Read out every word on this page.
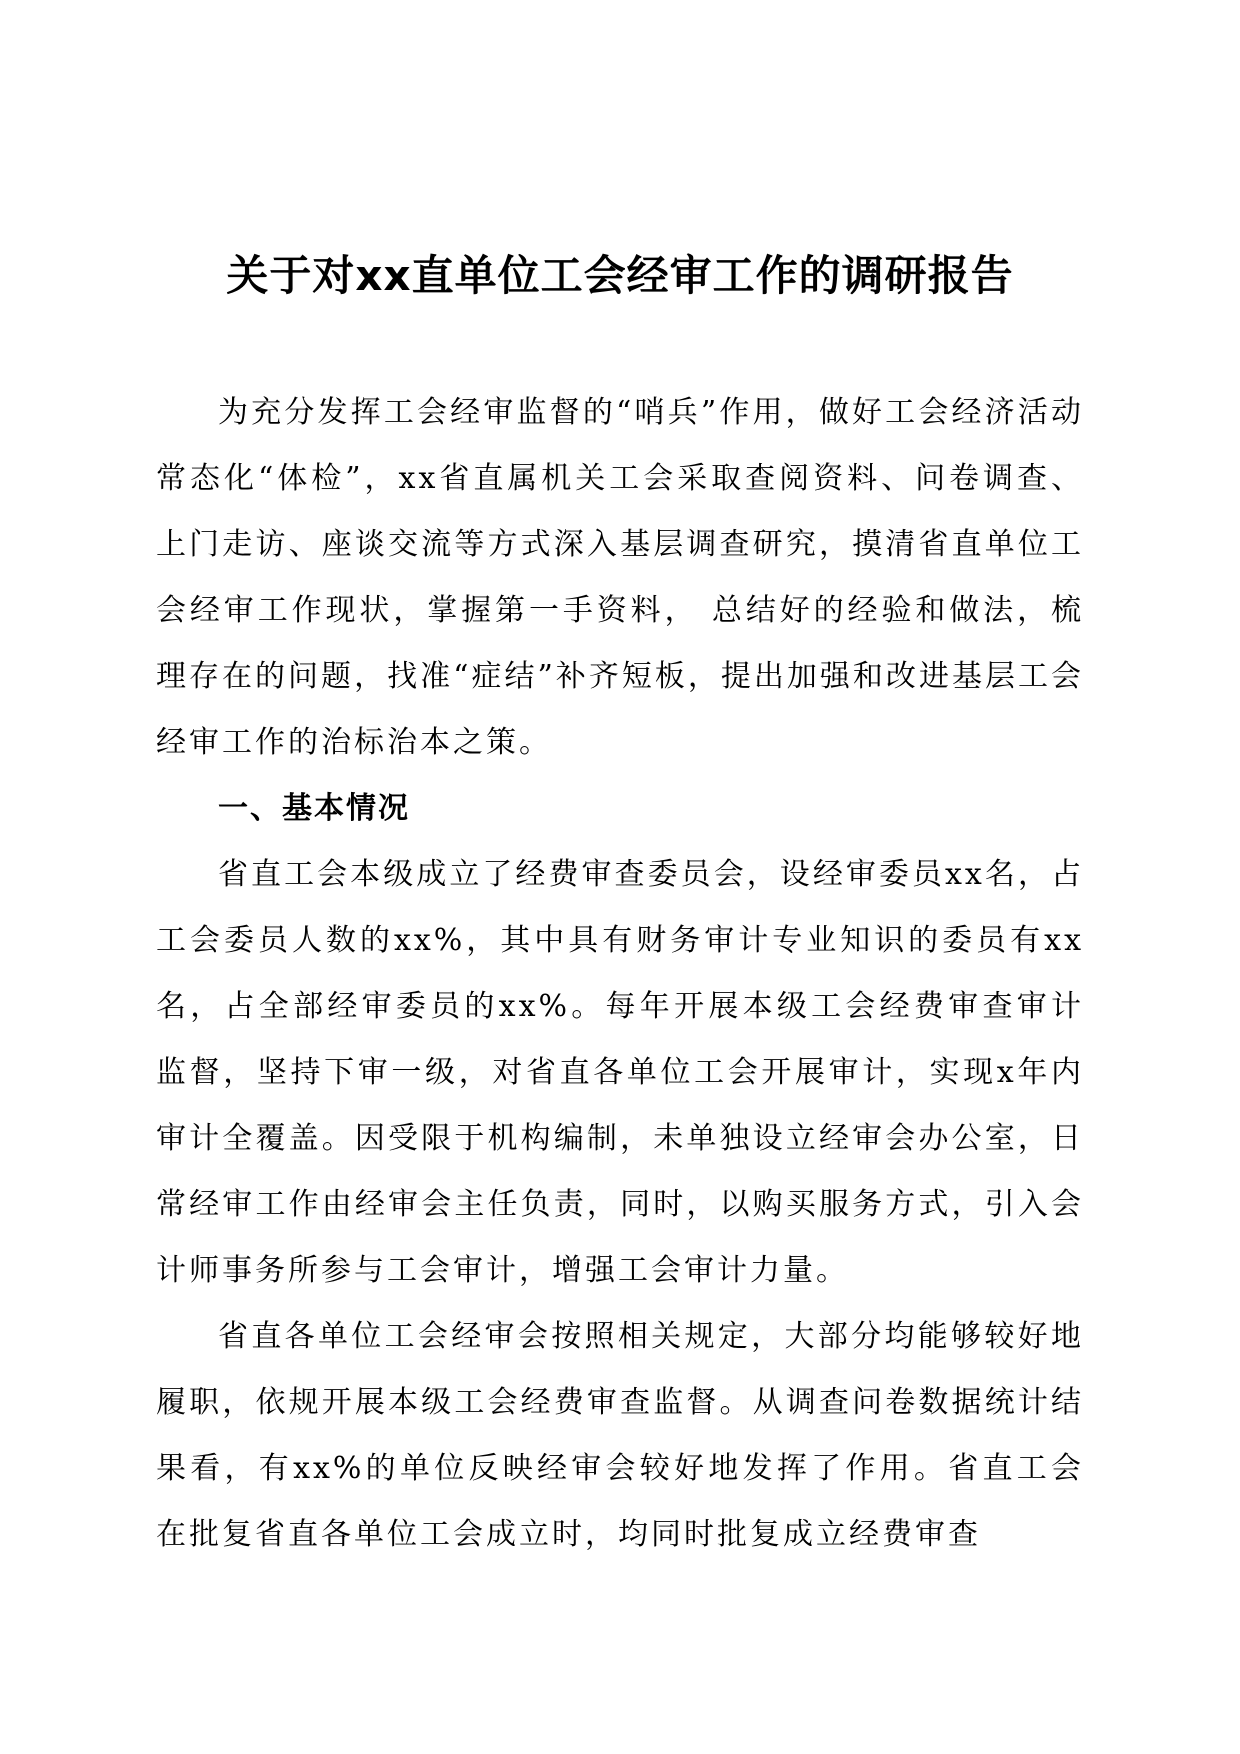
关于对xx直单位工会经审工作的调研报告

为充分发挥工会经审监督的“哨兵”作用，做好工会经济活动常态化“体检”，xx省直属机关工会采取查阅资料、问卷调查、上门走访、座谈交流等方式深入基层调查研究，摸清省直单位工会经审工作现状，掌握第一手资料， 总结好的经验和做法，梳理存在的问题，找准“症结”补齐短板，提出加强和改进基层工会经审工作的治标治本之策。

一、基本情况

省直工会本级成立了经费审查委员会，设经审委员xx名，占工会委员人数的xx%，其中具有财务审计专业知识的委员有xx名，占全部经审委员的xx%。每年开展本级工会经费审查审计监督，坚持下审一级，对省直各单位工会开展审计，实现x年内审计全覆盖。因受限于机构编制，未单独设立经审会办公室，日常经审工作由经审会主任负责，同时，以购买服务方式，引入会计师事务所参与工会审计，增强工会审计力量。

省直各单位工会经审会按照相关规定，大部分均能够较好地履职，依规开展本级工会经费审查监督。从调查问卷数据统计结果看，有xx%的单位反映经审会较好地发挥了作用。省直工会在批复省直各单位工会成立时，均同时批复成立经费审查
